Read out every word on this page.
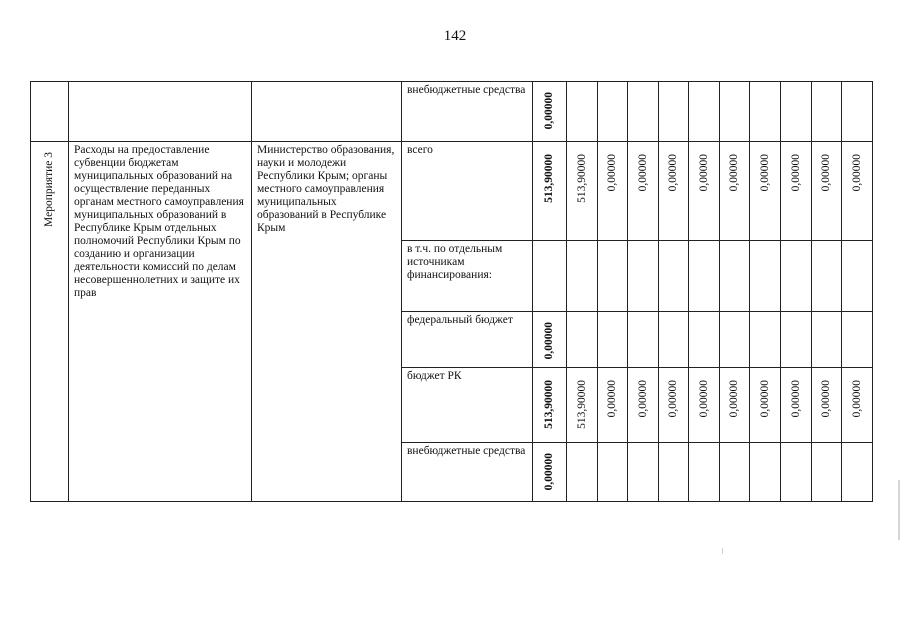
142

			внебюджетные средства	0,00000										

Мероприятие 3	Расходы на предоставление субвенции бюджетам муниципальных образований на осуществление переданных органам местного самоуправления муниципальных образований в Республике Крым отдельных полномочий Республики Крым по созданию и организации деятельности комиссий по делам несовершеннолетних и защите их прав	Министерство образования, науки и молодежи Республики Крым; органы местного самоуправления муниципальных образований в Республике Крым	всего	513,90000	513,90000	0,00000	0,00000	0,00000	0,00000	0,00000	0,00000	0,00000	0,00000	0,00000

			в т.ч. по отдельным источникам финансирования:											

			федеральный бюджет	0,00000										

			бюджет РК	513,90000	513,90000	0,00000	0,00000	0,00000	0,00000	0,00000	0,00000	0,00000	0,00000	0,00000

			внебюджетные средства	0,00000										
